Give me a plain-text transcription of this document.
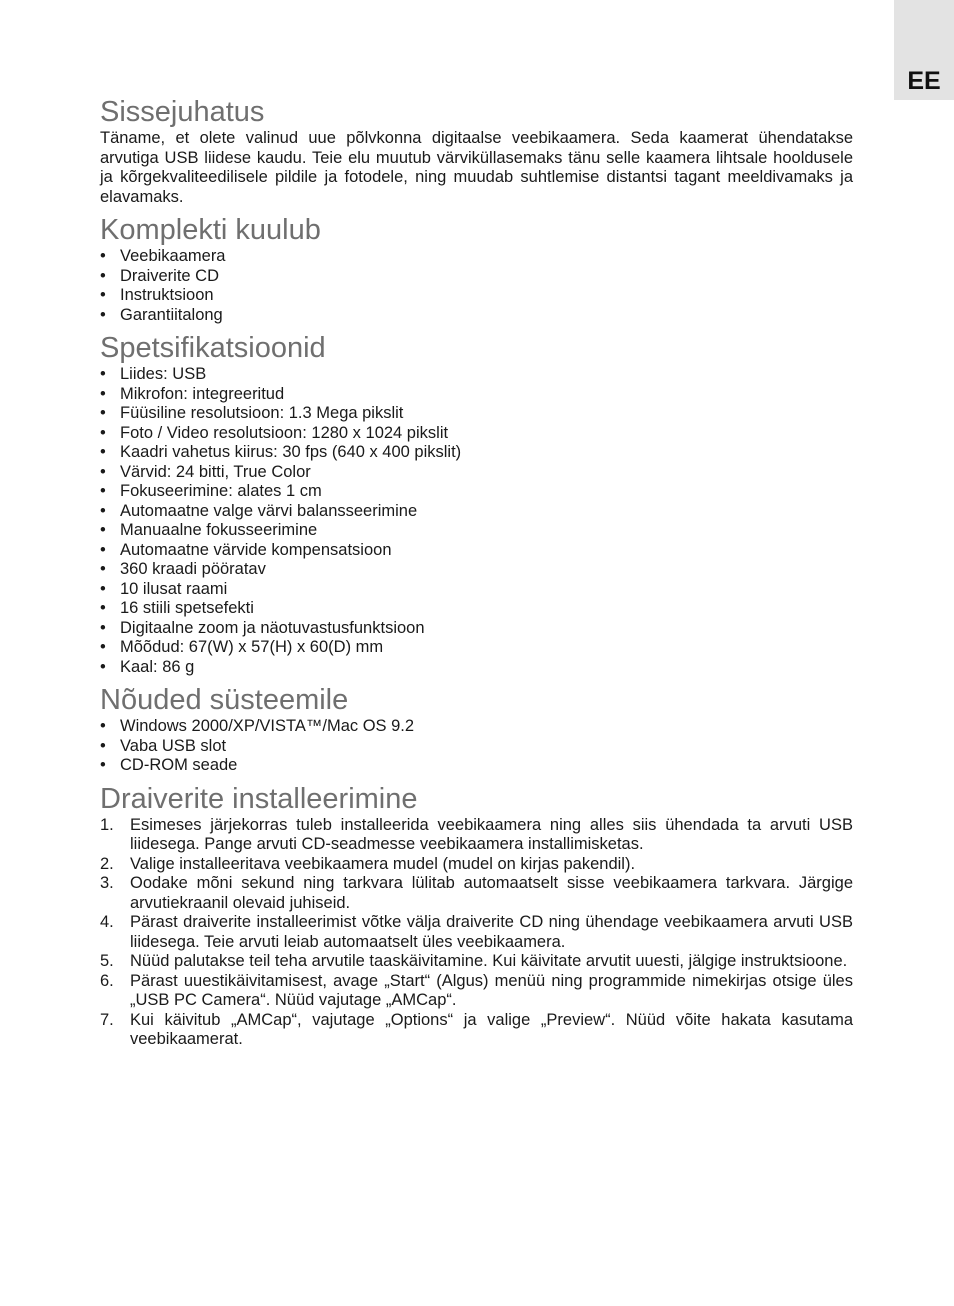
EE
Sissejuhatus

Täname, et olete valinud uue põlvkonna digitaalse veebikaamera. Seda kaamerat ühendatakse arvutiga USB liidese kaudu. Teie elu muutub värviküllasemaks tänu selle kaamera lihtsale hooldusele ja kõrgekvaliteedilisele pildile ja fotodele, ning muudab suhtlemise distantsi tagant meeldivamaks ja elavamaks.

Komplekti kuulub
• Veebikaamera
• Draiverite CD
• Instruktsioon
• Garantiitalong
Spetsifikatsioonid
• Liides: USB
• Mikrofon: integreeritud
• Füüsiline resolutsioon: 1.3 Mega pikslit
• Foto / Video resolutsioon: 1280 x 1024 pikslit
• Kaadri vahetus kiirus: 30 fps (640 x 400 pikslit)
• Värvid: 24 bitti, True Color
• Fokuseerimine: alates 1 cm
• Automaatne valge värvi balansseerimine
• Manuaalne fokusseerimine
• Automaatne värvide kompensatsioon
• 360 kraadi pööratav
• 10 ilusat raami
• 16 stiili spetsefekti
• Digitaalne zoom ja näotuvastusfunktsioon
• Mõõdud: 67(W) x 57(H) x 60(D) mm
• Kaal: 86 g
Nõuded süsteemile
• Windows 2000/XP/VISTA™/Mac OS 9.2
• Vaba USB slot
• CD-ROM seade
Draiverite installeerimine
1. Esimeses järjekorras tuleb installeerida veebikaamera ning alles siis ühendada ta arvuti USB liidesega. Pange arvuti CD-seadmesse veebikaamera installimisketas.
2. Valige installeeritava veebikaamera mudel (mudel on kirjas pakendil).
3. Oodake mõni sekund ning tarkvara lülitab automaatselt sisse veebikaamera tarkvara. Järgige arvutiekraanil olevaid juhiseid.
4. Pärast draiverite installeerimist võtke välja draiverite CD ning ühendage veebikaamera arvuti USB liidesega. Teie arvuti leiab automaatselt üles veebikaamera.
5. Nüüd palutakse teil teha arvutile taaskäivitamine. Kui käivitate arvutit uuesti, jälgige instruktsioone.
6. Pärast uuestikäivitamisest, avage „Start“ (Algus) menüü ning programmide nimekirjas otsige üles „USB PC Camera“. Nüüd vajutage „AMCap“.
7. Kui käivitub „AMCap“, vajutage „Options“ ja valige „Preview“. Nüüd võite hakata kasutama veebikaamerat.
